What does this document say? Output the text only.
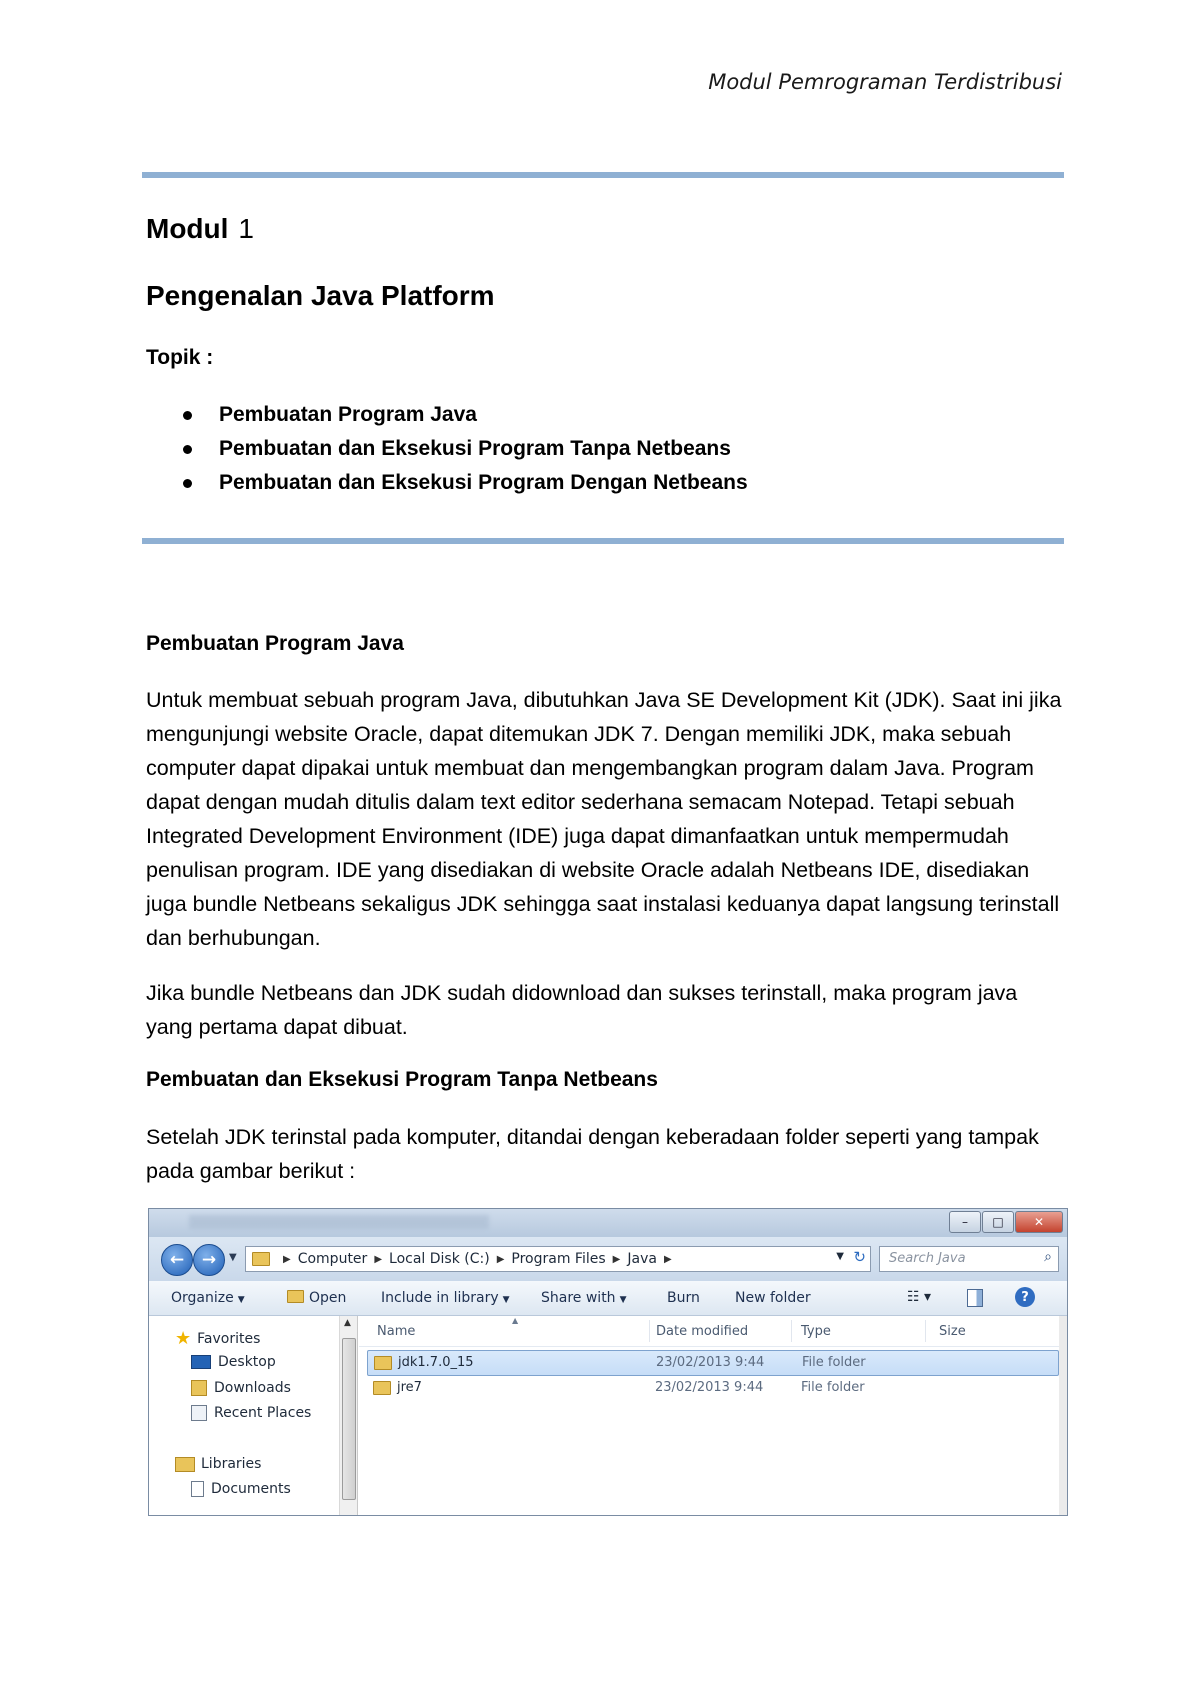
Modul Pemrograman Terdistribusi
Modul 1
Pengenalan Java Platform
Topik :
Pembuatan Program Java
Pembuatan dan Eksekusi Program Tanpa Netbeans
Pembuatan dan Eksekusi Program Dengan Netbeans
Pembuatan Program Java

Untuk membuat sebuah program Java, dibutuhkan Java SE Development Kit (JDK). Saat ini jika mengunjungi website Oracle, dapat ditemukan JDK 7. Dengan memiliki JDK, maka sebuah computer dapat dipakai untuk membuat dan mengembangkan program dalam Java. Program dapat dengan mudah ditulis dalam text editor sederhana semacam Notepad. Tetapi sebuah Integrated Development Environment (IDE) juga dapat dimanfaatkan untuk mempermudah penulisan program. IDE yang disediakan di website Oracle adalah Netbeans IDE, disediakan juga bundle Netbeans sekaligus JDK sehingga saat instalasi keduanya dapat langsung terinstall dan berhubungan.

Jika bundle Netbeans dan JDK sudah didownload dan sukses terinstall, maka program java yang pertama dapat dibuat.

Pembuatan dan Eksekusi Program Tanpa Netbeans

Setelah JDK terinstal pada komputer, ditandai dengan keberadaan folder seperti yang tampak pada gambar berikut :

–	□	✕
← → ▼	▶ Computer ▶ Local Disk (C:) ▶ Program Files ▶ Java ▶	▼ ↻ Search Java	⌕
Organize ▼	Open Include in library ▼ Share with ▼	Burn	New folder	☷ ▾	?
★ Favorites
Desktop
Downloads
Recent Places
Libraries
Documents
▲	▲
Name	Date modified	Type	Size
jdk1.7.0_15	23/02/2013 9:44	File folder
jre7	23/02/2013 9:44	File folder
